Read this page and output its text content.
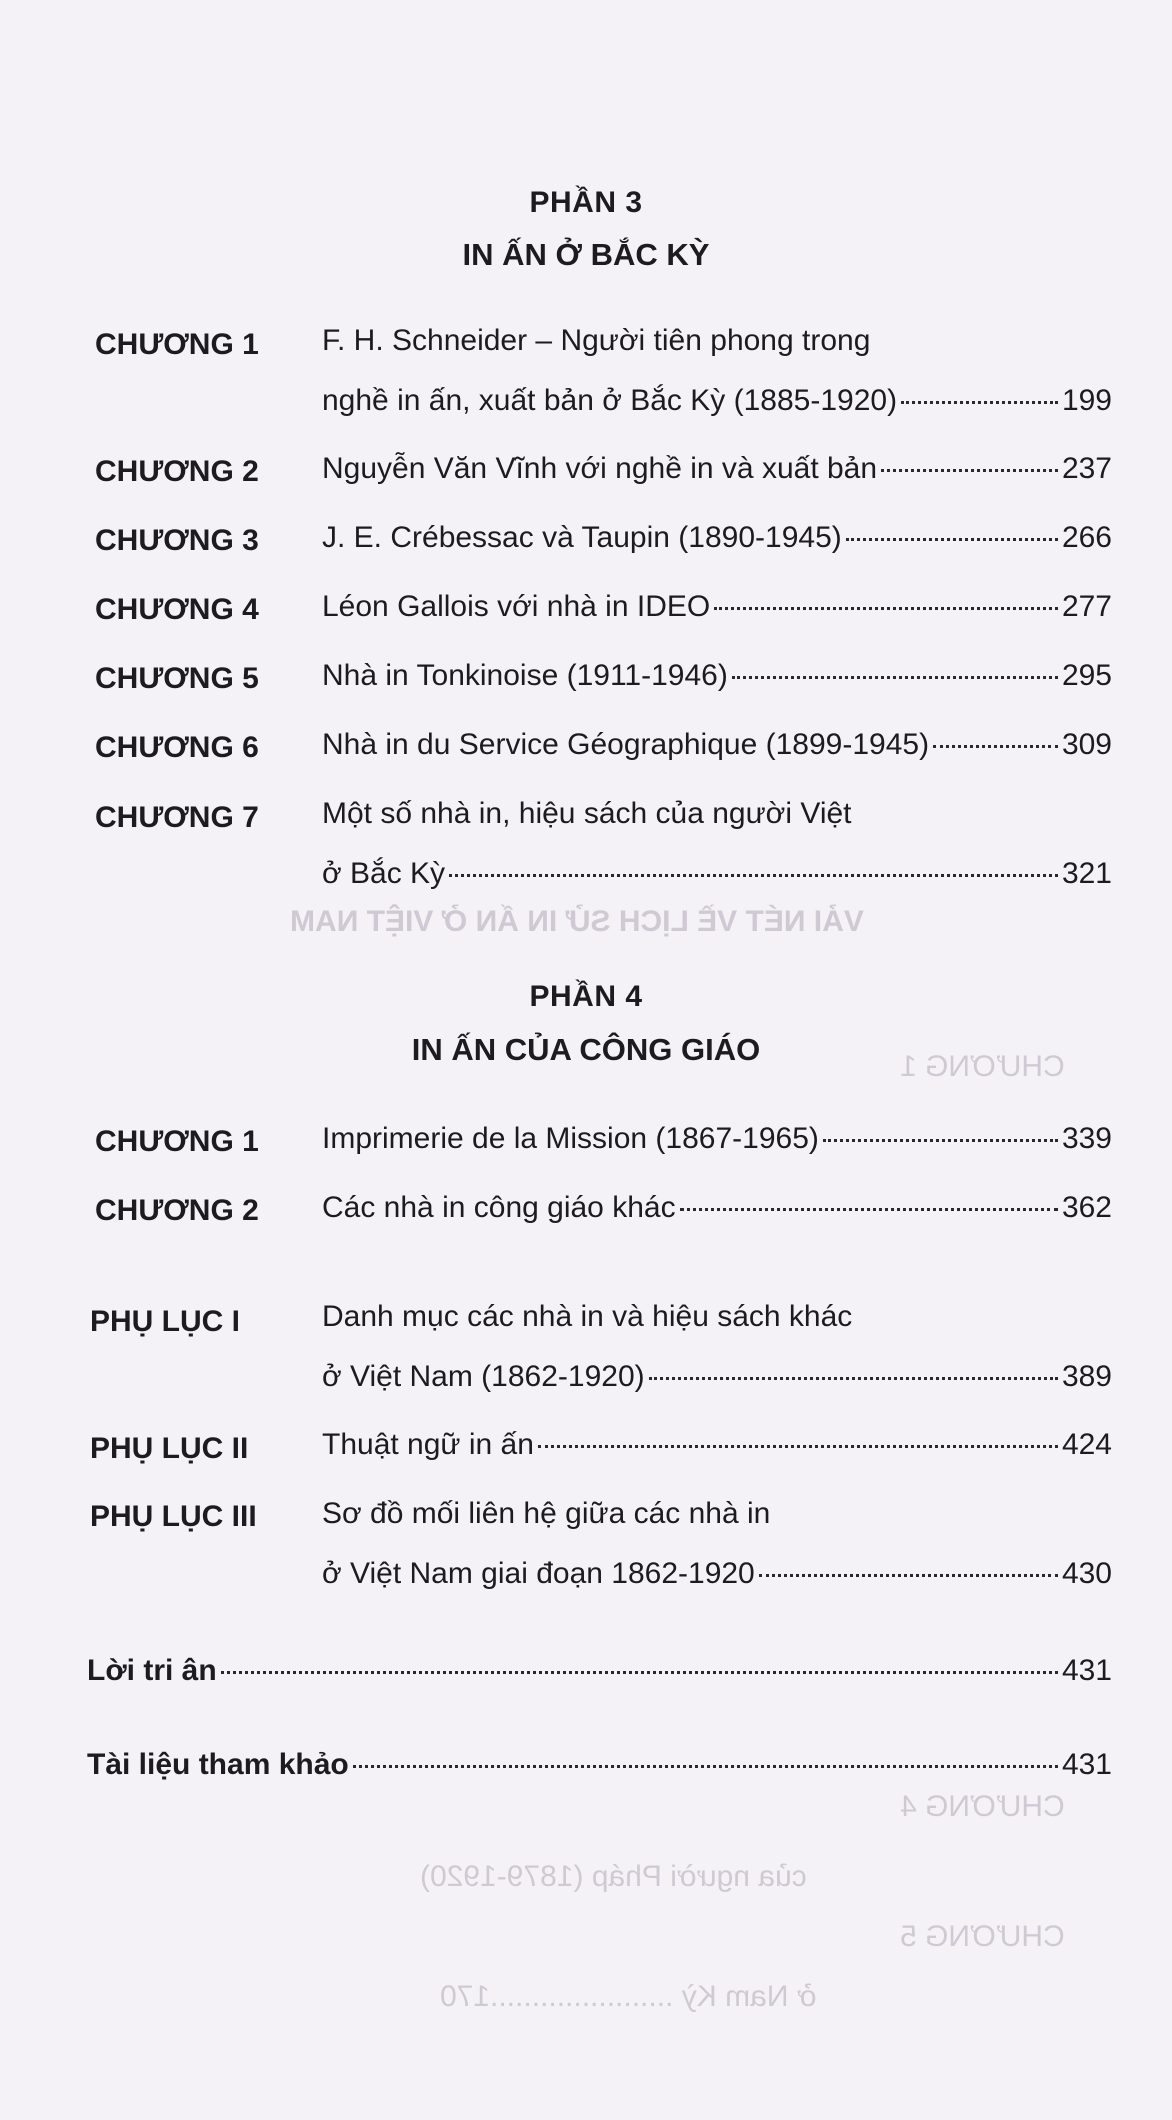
VẢI NÉT VỀ LỊCH SỬ IN ẤN Ở VIỆT NAM
CHƯƠNG 1
CHƯƠNG 4
của người Pháp (1879-1920)
CHƯƠNG 5
ở Nam Kỳ ......................170
PHẦN 3
IN ẤN Ở BẮC KỲ
CHƯƠNG 1 F. H. Schneider – Người tiên phong trong
nghề in ấn, xuất bản ở Bắc Kỳ (1885-1920)	199
CHƯƠNG 2 Nguyễn Văn Vĩnh với nghề in và xuất bản	237
CHƯƠNG 3 J. E. Crébessac và Taupin (1890-1945)	266
CHƯƠNG 4 Léon Gallois với nhà in IDEO	277
CHƯƠNG 5 Nhà in Tonkinoise (1911-1946)	295
CHƯƠNG 6 Nhà in du Service Géographique (1899-1945)	309
CHƯƠNG 7 Một số nhà in, hiệu sách của người Việt
ở Bắc Kỳ	321
PHẦN 4
IN ẤN CỦA CÔNG GIÁO
CHƯƠNG 1 Imprimerie de la Mission (1867-1965)	339
CHƯƠNG 2 Các nhà in công giáo khác	362
PHỤ LỤC I	Danh mục các nhà in và hiệu sách khác
ở Việt Nam (1862-1920)	389
PHỤ LỤC II Thuật ngữ in ấn	424
PHỤ LỤC III Sơ đồ mối liên hệ giữa các nhà in
ở Việt Nam giai đoạn 1862-1920	430
Lời tri ân	431
Tài liệu tham khảo	431
